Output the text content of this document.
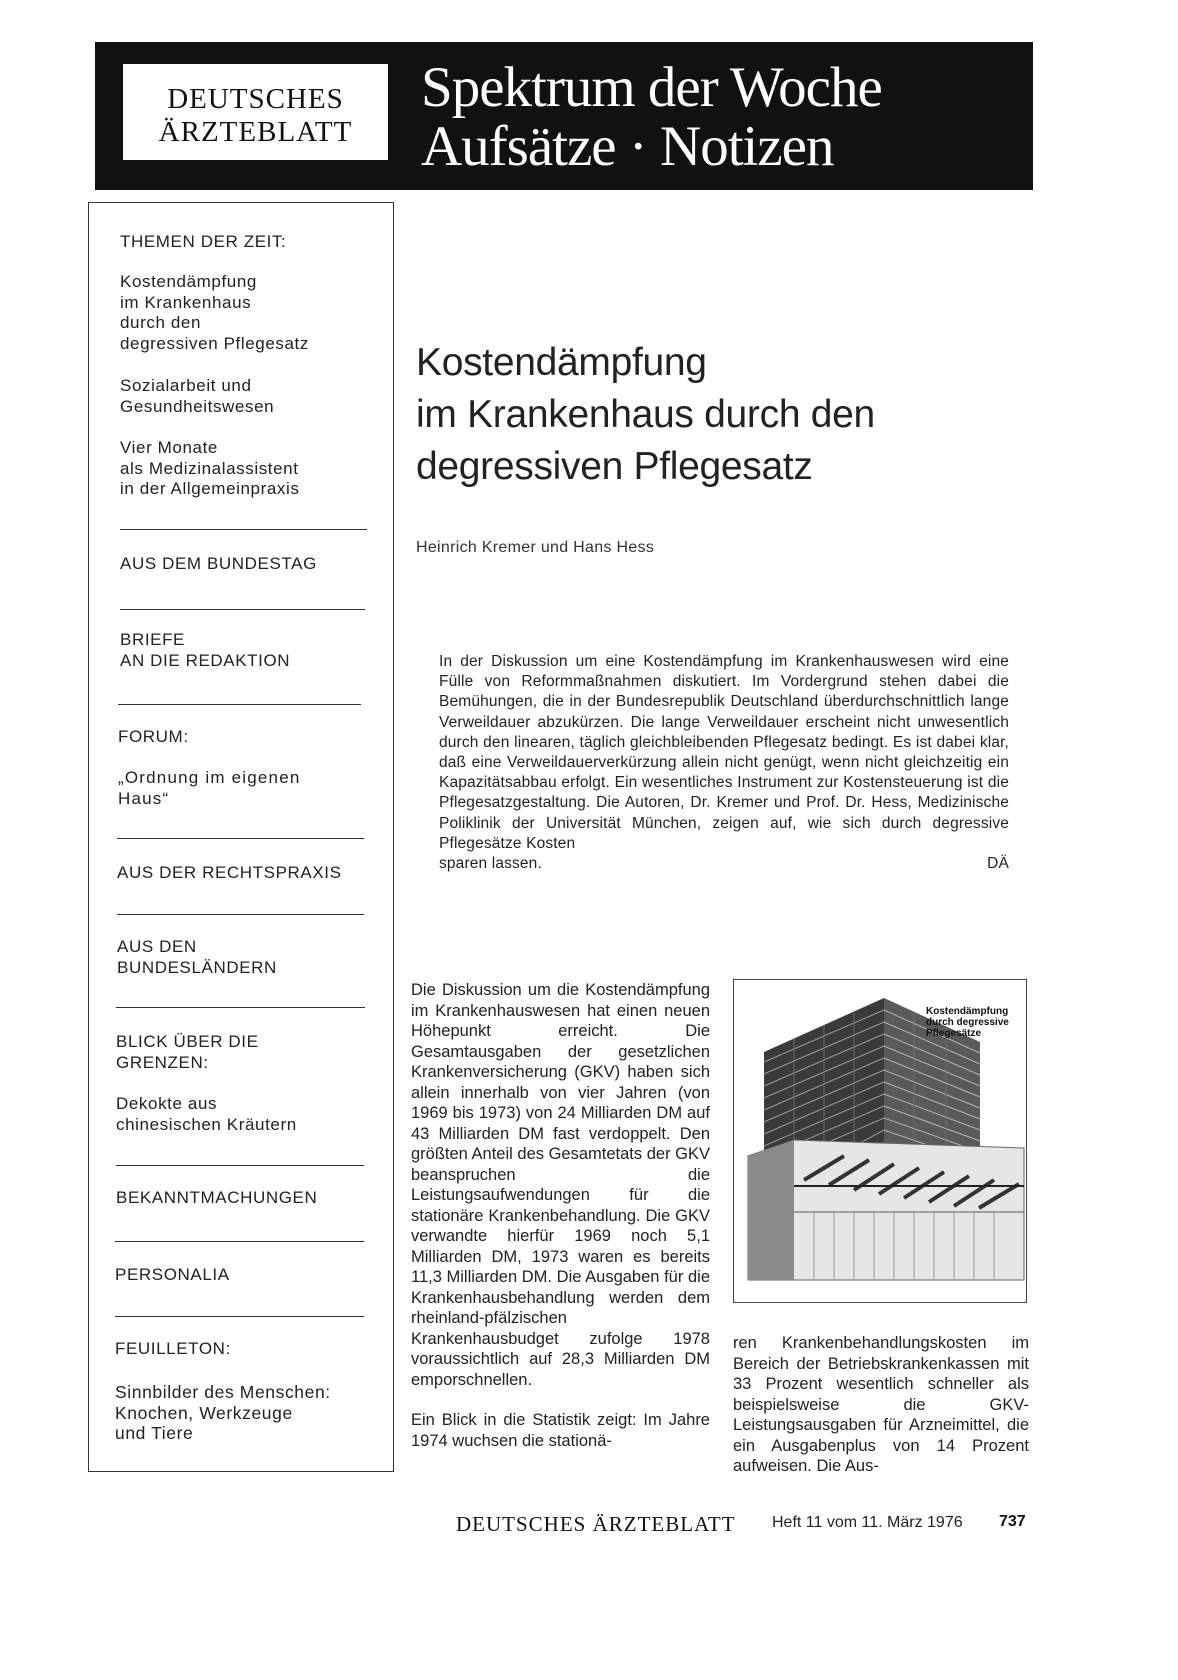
DEUTSCHES
ÄRZTEBLATT
Spektrum der Woche
Aufsätze · Notizen
THEMEN DER ZEIT:
Kostendämpfung
im Krankenhaus
durch den
degressiven Pflegesatz
Sozialarbeit und
Gesundheitswesen
Vier Monate
als Medizinalassistent
in der Allgemeinpraxis
AUS DEM BUNDESTAG
BRIEFE
AN DIE REDAKTION
FORUM:
„Ordnung im eigenen
Haus“
AUS DER RECHTSPRAXIS
AUS DEN
BUNDESLÄNDERN
BLICK ÜBER DIE
GRENZEN:
Dekokte aus
chinesischen Kräutern
BEKANNTMACHUNGEN
PERSONALIA
FEUILLETON:
Sinnbilder des Menschen:
Knochen, Werkzeuge
und Tiere
Kostendämpfung
im Krankenhaus durch den
degressiven Pflegesatz
Heinrich Kremer und Hans Hess
In der Diskussion um eine Kostendämpfung im Krankenhauswesen wird eine Fülle von Reformmaßnahmen diskutiert. Im Vordergrund stehen dabei die Bemühungen, die in der Bundesrepublik Deutschland überdurchschnittlich lange Verweildauer abzukürzen. Die lange Verweildauer erscheint nicht unwesentlich durch den linearen, täglich gleichbleibenden Pflegesatz bedingt. Es ist dabei klar, daß eine Verweildauerverkürzung allein nicht genügt, wenn nicht gleichzeitig ein Kapazitätsabbau erfolgt. Ein wesentliches Instrument zur Kostensteuerung ist die Pflegesatzgestaltung. Die Autoren, Dr. Kremer und Prof. Dr. Hess, Medizinische Poliklinik der Universität München, zeigen auf, wie sich durch degressive Pflegesätze Kosten
sparen lassen.	DÄ

Die Diskussion um die Kostendämpfung im Krankenhauswesen hat einen neuen Höhepunkt erreicht. Die Gesamtausgaben der gesetzlichen Krankenversicherung (GKV) haben sich allein innerhalb von vier Jahren (von 1969 bis 1973) von 24 Milliarden DM auf 43 Milliarden DM fast verdoppelt. Den größten Anteil des Gesamtetats der GKV beanspruchen die Leistungsaufwendungen für die stationäre Krankenbehandlung. Die GKV verwandte hierfür 1969 noch 5,1 Milliarden DM, 1973 waren es bereits 11,3 Milliarden DM. Die Ausgaben für die Krankenhausbehandlung werden dem rheinland-pfälzischen Krankenhausbudget zufolge 1978 voraussichtlich auf 28,3 Milliarden DM emporschnellen.

Ein Blick in die Statistik zeigt: Im Jahre 1974 wuchsen die stationä-

Kostendämpfung
durch degressive
Pflegesätze

ren Krankenbehandlungskosten im Bereich der Betriebskrankenkassen mit 33 Prozent wesentlich schneller als beispielsweise die GKV-Leistungsausgaben für Arzneimittel, die ein Ausgabenplus von 14 Prozent aufweisen. Die Aus-

DEUTSCHES ÄRZTEBLATT Heft 11 vom 11. März 1976 737
